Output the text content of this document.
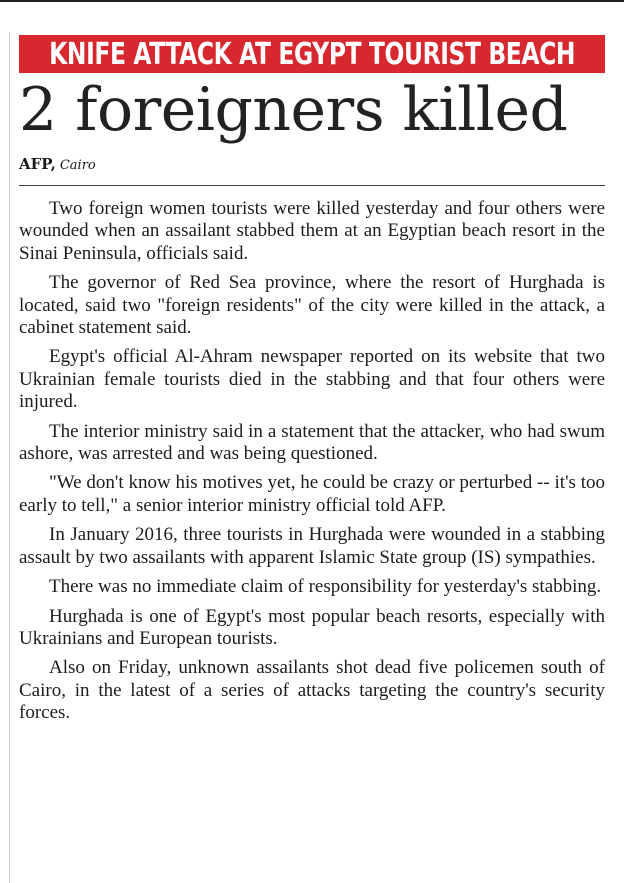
KNIFE ATTACK AT EGYPT TOURIST BEACH
2 foreigners killed
AFP, Cairo

Two foreign women tourists were killed yesterday and four others were wounded when an assailant stabbed them at an Egyptian beach resort in the Sinai Peninsula, officials said.

The governor of Red Sea province, where the resort of Hurghada is located, said two "foreign residents" of the city were killed in the attack, a cabinet statement said.

Egypt's official Al-Ahram newspaper reported on its website that two Ukrainian female tourists died in the stabbing and that four others were injured.

The interior ministry said in a statement that the attacker, who had swum ashore, was arrested and was being questioned.

"We don't know his motives yet, he could be crazy or perturbed -- it's too early to tell," a senior interior ministry official told AFP.

In January 2016, three tourists in Hurghada were wounded in a stabbing assault by two assailants with apparent Islamic State group (IS) sympathies.

There was no immediate claim of responsibility for yesterday's stabbing.

Hurghada is one of Egypt's most popular beach resorts, especially with Ukrainians and European tourists.

Also on Friday, unknown assailants shot dead five policemen south of Cairo, in the latest of a series of attacks targeting the country's security forces.
